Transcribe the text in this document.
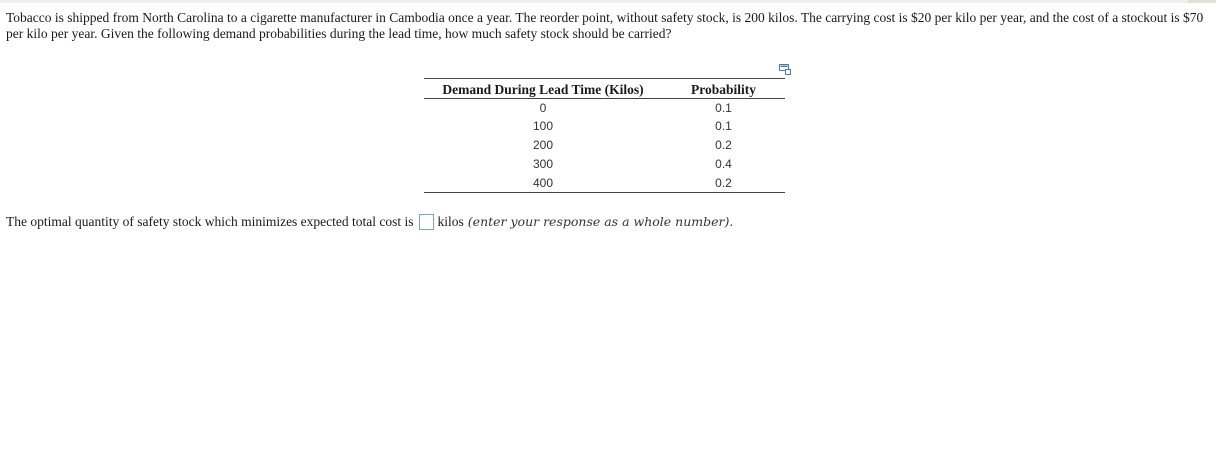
Tobacco is shipped from North Carolina to a cigarette manufacturer in Cambodia once a year. The reorder point, without safety stock, is 200 kilos. The carrying cost is $20 per kilo per year, and the cost of a stockout is $70 per kilo per year. Given the following demand probabilities during the lead time, how much safety stock should be carried?

Demand During Lead Time (Kilos)	Probability
0	0.1
100	0.1
200	0.2
300	0.4
400	0.2
The optimal quantity of safety stock which minimizes expected total cost is kilos (enter your response as a whole number).
